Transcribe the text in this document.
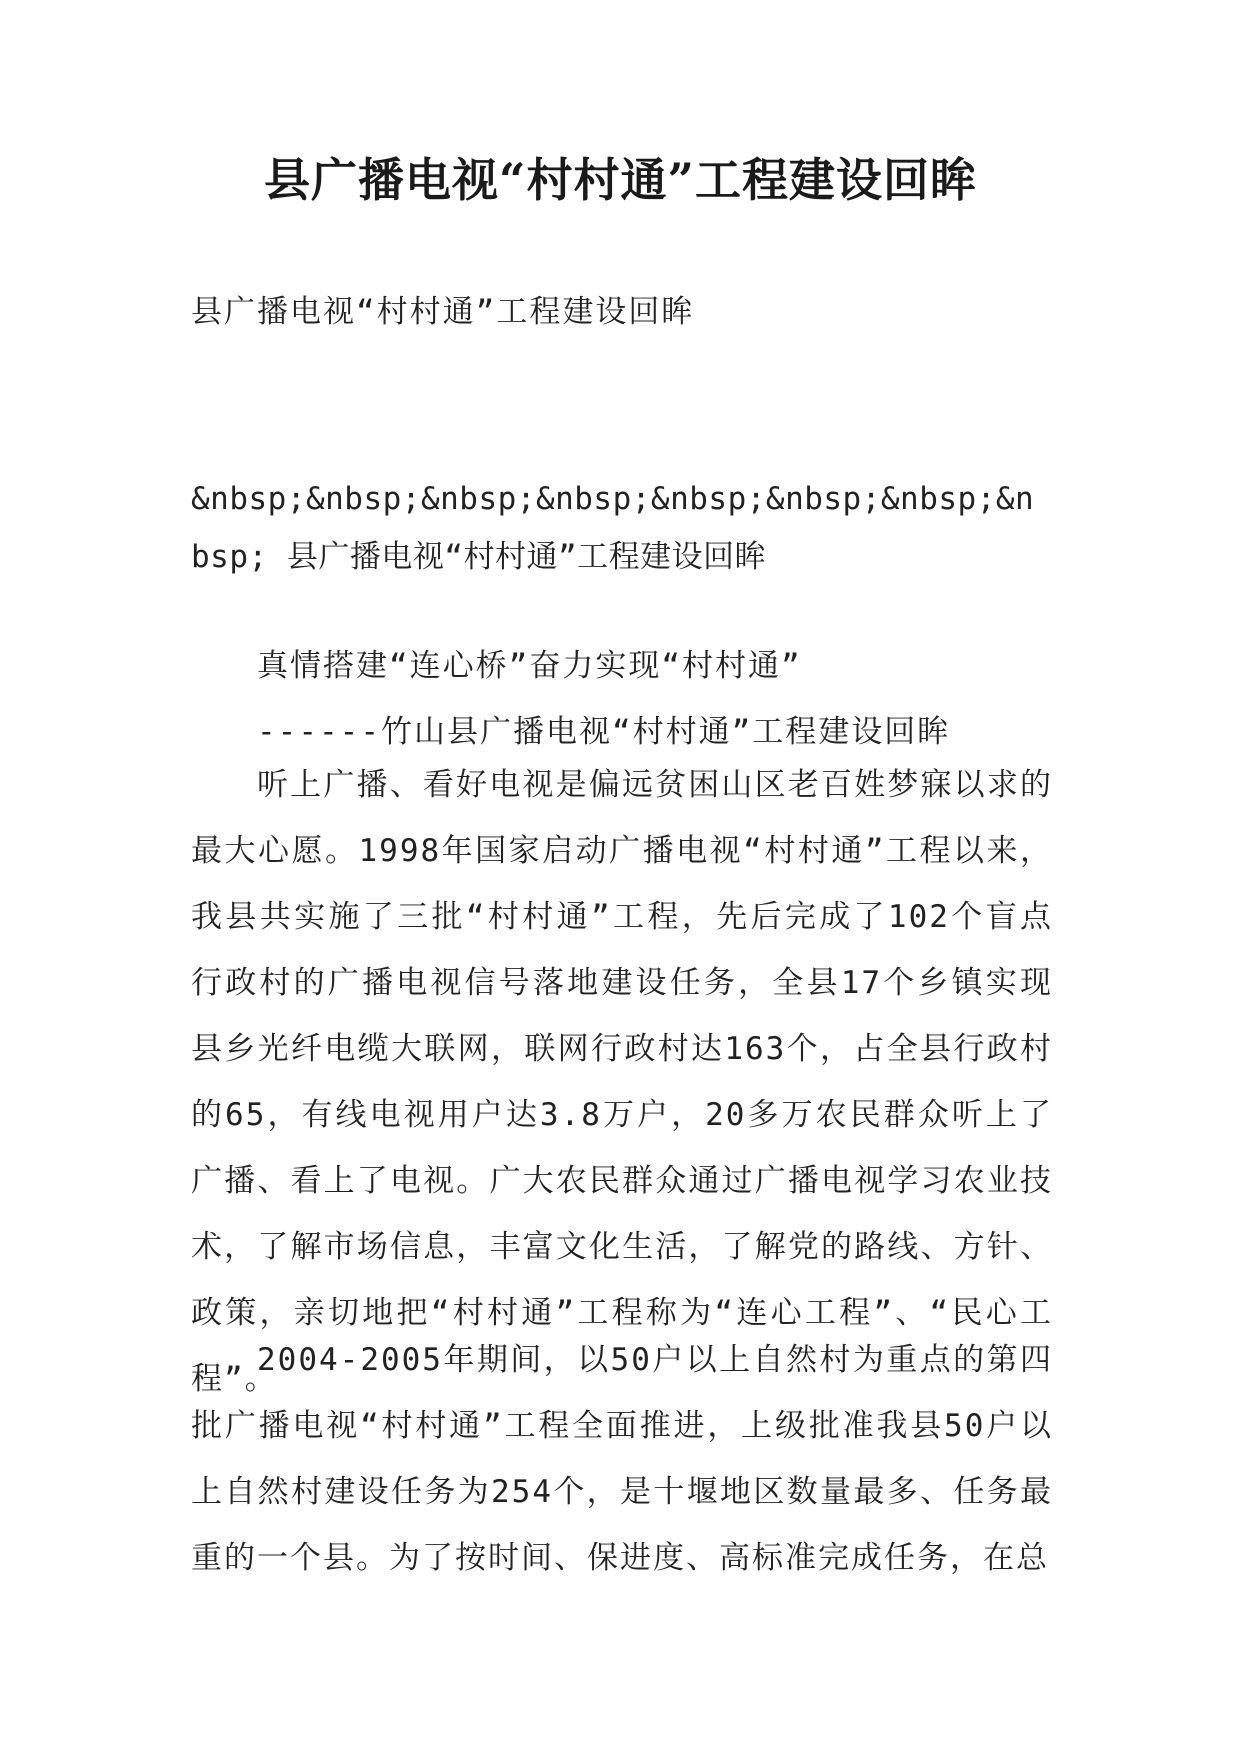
县广播电视“村村通”工程建设回眸

县广播电视“村村通”工程建设回眸

&nbsp;&nbsp;&nbsp;&nbsp;&nbsp;&nbsp;&nbsp;&nbsp; 县广播电视“村村通”工程建设回眸

真情搭建“连心桥”奋力实现“村村通”
------竹山县广播电视“村村通”工程建设回眸

听上广播、看好电视是偏远贫困山区老百姓梦寐以求的最大心愿。1998年国家启动广播电视“村村通”工程以来，我县共实施了三批“村村通”工程，先后完成了102个盲点行政村的广播电视信号落地建设任务，全县17个乡镇实现县乡光纤电缆大联网，联网行政村达163个，占全县行政村的65，有线电视用户达3.8万户，20多万农民群众听上了广播、看上了电视。广大农民群众通过广播电视学习农业技术，了解市场信息，丰富文化生活，了解党的路线、方针、政策，亲切地把“村村通”工程称为“连心工程”、“民心工程”。

2004-2005年期间，以50户以上自然村为重点的第四批广播电视“村村通”工程全面推进，上级批准我县50户以上自然村建设任务为254个，是十堰地区数量最多、任务最重的一个县。为了按时间、保进度、高标准完成任务，在总
